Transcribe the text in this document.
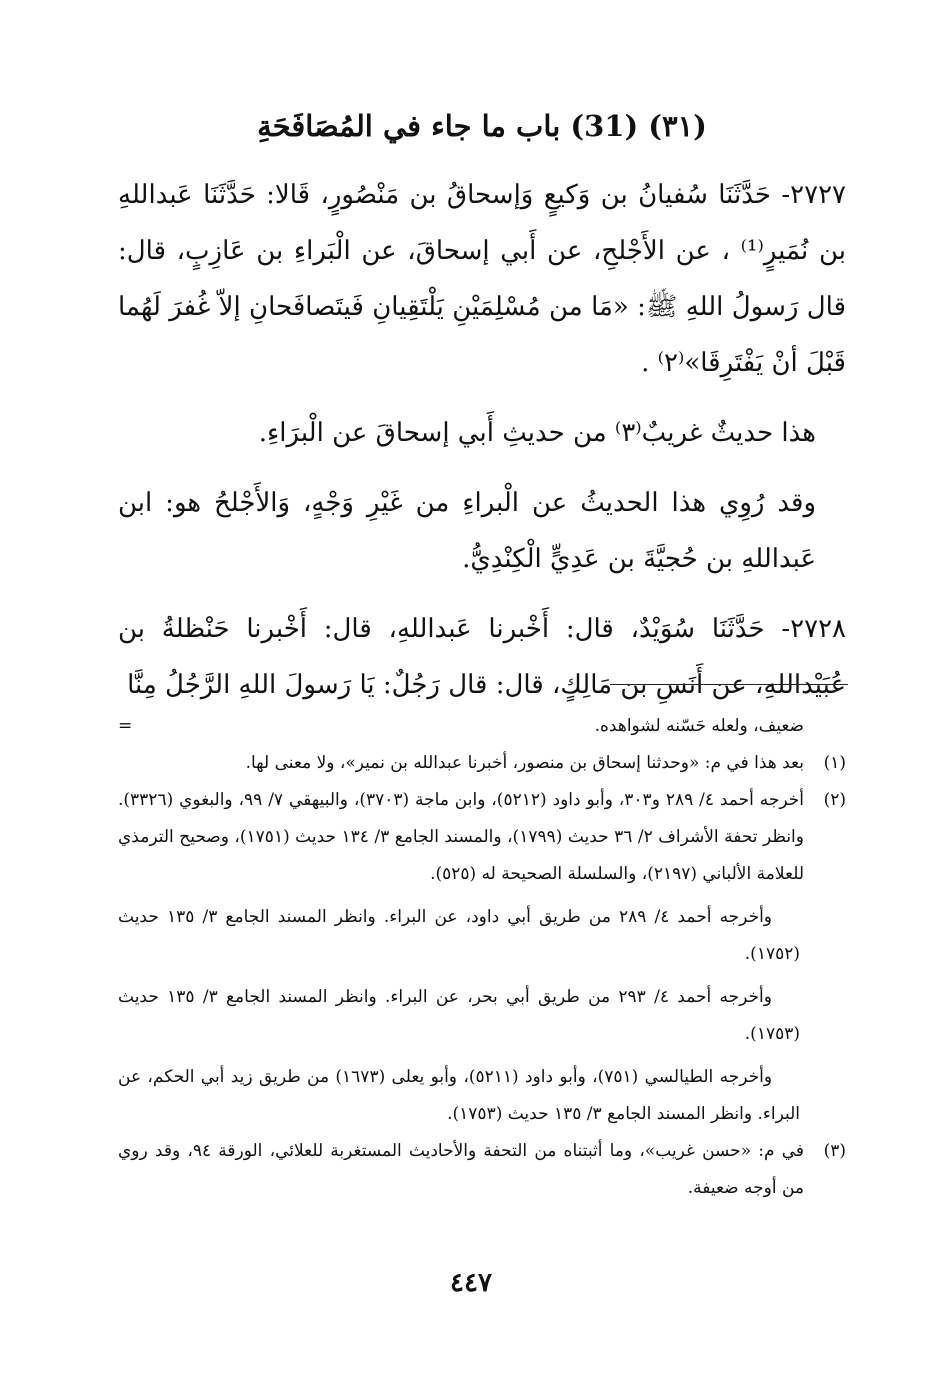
(٣١) (31) باب ما جاء في المُصَافَحَةِ

٢٧٢٧- حَدَّثَنَا سُفيانُ بن وَكيعٍ وَإسحاقُ بن مَنْصُورٍ، قَالا: حَدَّثَنَا عَبداللهِ بن نُمَيرٍ⁽¹⁾ ، عن الأَجْلحِ، عن أَبي إسحاقَ، عن الْبَراءِ بن عَازِبٍ، قال: قال رَسولُ اللهِ ﷺ: «مَا من مُسْلِمَيْنِ يَلْتَقِيانِ فَيتَصافَحانِ إلاّ غُفرَ لَهُما قَبْلَ أنْ يَفْتَرِقَا»⁽٢⁾ .

هذا حديثٌ غريبٌ⁽٣⁾ من حديثِ أَبي إسحاقَ عن الْبرَاءِ.

وقد رُوِي هذا الحديثُ عن الْبراءِ من غَيْرِ وَجْهٍ، وَالأَجْلحُ هو: ابن عَبداللهِ بن حُجيَّةَ بن عَدِيٍّ الْكِنْدِيُّ.

٢٧٢٨- حَدَّثَنَا سُوَيْدٌ، قال: أَخْبرنا عَبداللهِ، قال: أَخْبرنا حَنْظلةُ بن عُبَيْداللهِ، عن أَنَسِ بن مَالِكٍ، قال: قال رَجُلٌ: يَا رَسولَ اللهِ الرَّجُلُ مِنَّا

=	ضعيف، ولعله حَسّنه لشواهده.
(١)
بعد هذا في م: «وحدثنا إسحاق بن منصور، أخبرنا عبدالله بن نمير»، ولا معنى لها.
(٢)
أخرجه أحمد ٤/ ٢٨٩ و٣٠٣، وأبو داود (٥٢١٢)، وابن ماجة (٣٧٠٣)، والبيهقي ٧/ ٩٩، والبغوي (٣٣٢٦). وانظر تحفة الأشراف ٢/ ٣٦ حديث (١٧٩٩)، والمسند الجامع ٣/ ١٣٤ حديث (١٧٥١)، وصحيح الترمذي للعلامة الألباني (٢١٩٧)، والسلسلة الصحيحة له (٥٢٥).

وأخرجه أحمد ٤/ ٢٨٩ من طريق أبي داود، عن البراء. وانظر المسند الجامع ٣/ ١٣٥ حديث (١٧٥٢).

وأخرجه أحمد ٤/ ٢٩٣ من طريق أبي بحر، عن البراء. وانظر المسند الجامع ٣/ ١٣٥ حديث (١٧٥٣).

وأخرجه الطيالسي (٧٥١)، وأبو داود (٥٢١١)، وأبو يعلى (١٦٧٣) من طريق زيد أبي الحكم، عن البراء. وانظر المسند الجامع ٣/ ١٣٥ حديث (١٧٥٣).

(٣)
في م: «حسن غريب»، وما أثبتناه من التحفة والأحاديث المستغربة للعلائي، الورقة ٩٤، وقد روي من أوجه ضعيفة.
٤٤٧
